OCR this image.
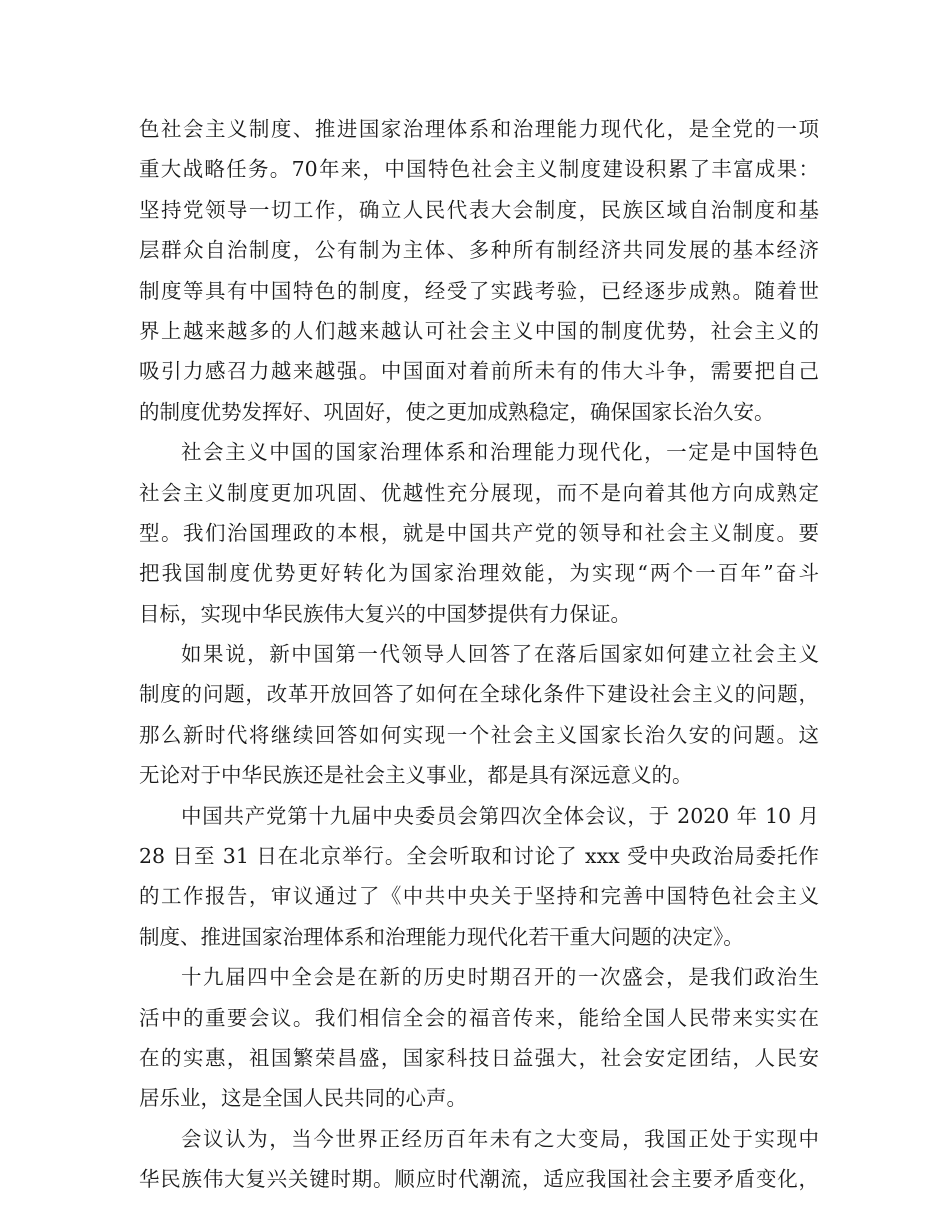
色社会主义制度、推进国家治理体系和治理能力现代化，是全党的一项
重大战略任务。70年来，中国特色社会主义制度建设积累了丰富成果：
坚持党领导一切工作，确立人民代表大会制度，民族区域自治制度和基
层群众自治制度，公有制为主体、多种所有制经济共同发展的基本经济
制度等具有中国特色的制度，经受了实践考验，已经逐步成熟。随着世
界上越来越多的人们越来越认可社会主义中国的制度优势，社会主义的
吸引力感召力越来越强。中国面对着前所未有的伟大斗争，需要把自己
的制度优势发挥好、巩固好，使之更加成熟稳定，确保国家长治久安。
社会主义中国的国家治理体系和治理能力现代化，一定是中国特色
社会主义制度更加巩固、优越性充分展现，而不是向着其他方向成熟定
型。我们治国理政的本根，就是中国共产党的领导和社会主义制度。要
把我国制度优势更好转化为国家治理效能，为实现“两个一百年”奋斗
目标，实现中华民族伟大复兴的中国梦提供有力保证。
如果说，新中国第一代领导人回答了在落后国家如何建立社会主义
制度的问题，改革开放回答了如何在全球化条件下建设社会主义的问题，
那么新时代将继续回答如何实现一个社会主义国家长治久安的问题。这
无论对于中华民族还是社会主义事业，都是具有深远意义的。
中国共产党第十九届中央委员会第四次全体会议，于 2020 年 10 月
28 日至 31 日在北京举行。全会听取和讨论了 xxx 受中央政治局委托作
的工作报告，审议通过了《中共中央关于坚持和完善中国特色社会主义
制度、推进国家治理体系和治理能力现代化若干重大问题的决定》。
十九届四中全会是在新的历史时期召开的一次盛会，是我们政治生
活中的重要会议。我们相信全会的福音传来，能给全国人民带来实实在
在的实惠，祖国繁荣昌盛，国家科技日益强大，社会安定团结，人民安
居乐业，这是全国人民共同的心声。
会议认为，当今世界正经历百年未有之大变局，我国正处于实现中
华民族伟大复兴关键时期。顺应时代潮流，适应我国社会主要矛盾变化，
